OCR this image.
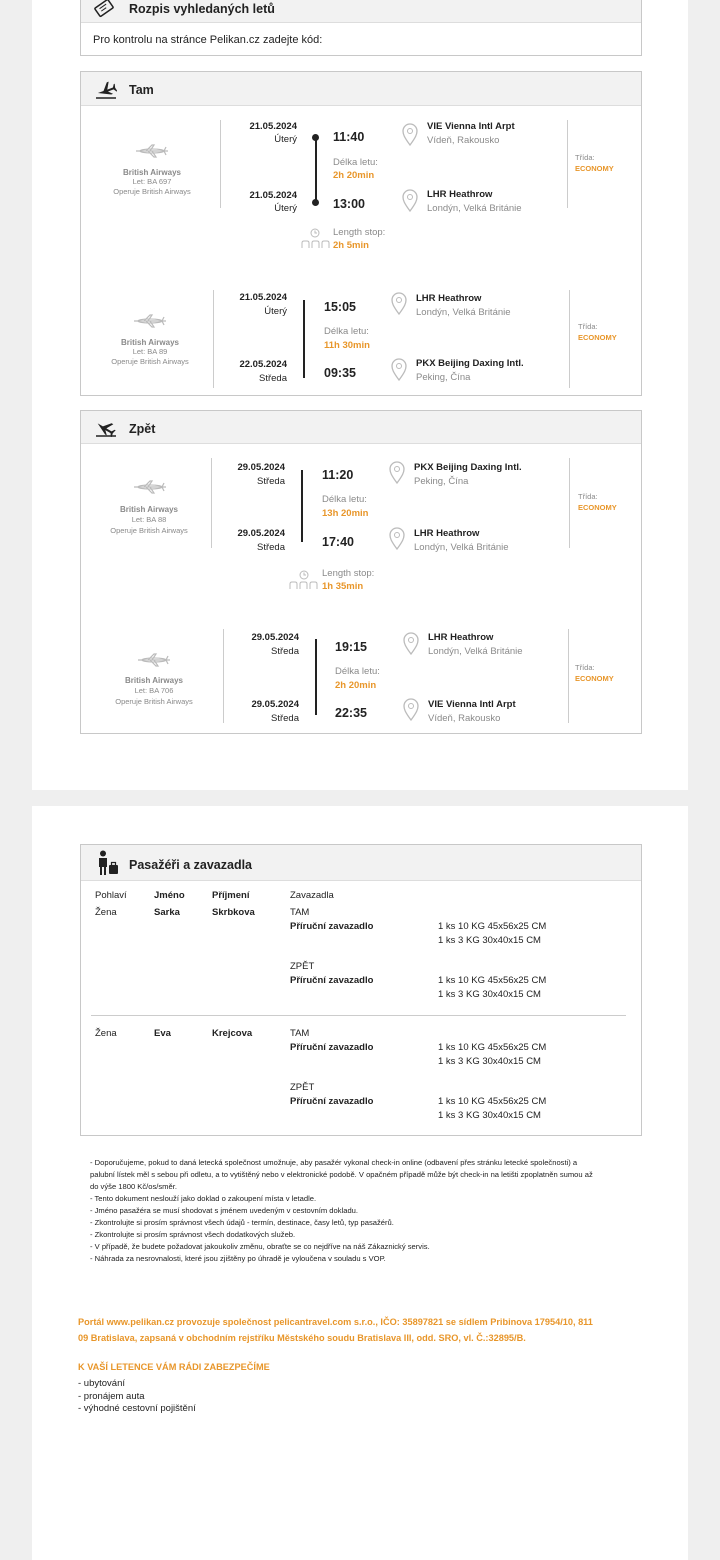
Rozpis vyhledaných letů
Pro kontrolu na stránce Pelikan.cz zadejte kód:
Tam
British Airways
Let: BA 697
Operuje British Airways
21.05.2024
Úterý	11:40
Délka letu:
2h 20min
21.05.2024
Úterý	13:00
VIE Vienna Intl Arpt
Vídeň, Rakousko
LHR Heathrow
Londýn, Velká Británie
Třída:
ECONOMY
Length stop:
2h 5min
British Airways
Let: BA 89
Operuje British Airways
21.05.2024
Úterý	15:05
Délka letu:
11h 30min
22.05.2024
Středa	09:35
LHR Heathrow
Londýn, Velká Británie
PKX Beijing Daxing Intl.
Peking, Čína
Třída:
ECONOMY
Zpět
British Airways
Let: BA 88
Operuje British Airways
29.05.2024
Středa	11:20
Délka letu:
13h 20min
29.05.2024
Středa	17:40
PKX Beijing Daxing Intl.
Peking, Čína
LHR Heathrow
Londýn, Velká Británie
Třída:
ECONOMY
Length stop:
1h 35min
British Airways
Let: BA 706
Operuje British Airways
29.05.2024
Středa	19:15
Délka letu:
2h 20min
29.05.2024
Středa	22:35
LHR Heathrow
Londýn, Velká Británie
VIE Vienna Intl Arpt
Vídeň, Rakousko
Třída:
ECONOMY
Pasažéři a zavazadla
Pohlaví	Jméno	Příjmení	Zavazadla
Žena	Sarka	Skrbkova	TAM
Příruční zavazadlo	1 ks 10 KG 45x56x25 CM
1 ks 3 KG 30x40x15 CM
ZPĚT
Příruční zavazadlo	1 ks 10 KG 45x56x25 CM
1 ks 3 KG 30x40x15 CM
Žena	Eva	Krejcova	TAM
Příruční zavazadlo	1 ks 10 KG 45x56x25 CM
1 ks 3 KG 30x40x15 CM
ZPĚT
Příruční zavazadlo	1 ks 10 KG 45x56x25 CM
1 ks 3 KG 30x40x15 CM
- Doporučujeme, pokud to daná letecká společnost umožnuje, aby pasažér vykonal check-in online (odbavení přes stránku letecké společnosti) a
palubní lístek měl s sebou při odletu, a to vytištěný nebo v elektronické podobě. V opačném případě může být check-in na letišti zpoplatněn sumou až
do výše 1800 Kč/os/směr.
- Tento dokument neslouží jako doklad o zakoupení místa v letadle.
- Jméno pasažéra se musí shodovat s jménem uvedeným v cestovním dokladu.
- Zkontrolujte si prosím správnost všech údajů - termín, destinace, časy letů, typ pasažérů.
- Zkontrolujte si prosím správnost všech dodatkových služeb.
- V případě, že budete požadovat jakoukoliv změnu, obraťte se co nejdříve na náš Zákaznický servis.
- Náhrada za nesrovnalosti, které jsou zjištěny po úhradě je vyloučena v souladu s VOP.
Portál www.pelikan.cz provozuje společnost pelicantravel.com s.r.o., IČO: 35897821 se sídlem Pribinova 17954/10, 811
09 Bratislava, zapsaná v obchodním rejstříku Městského soudu Bratislava III, odd. SRO, vl. Č.:32895/B.
K VAŠÍ LETENCE VÁM RÁDI ZABEZPEČÍME
- ubytování
- pronájem auta
- výhodné cestovní pojištění
